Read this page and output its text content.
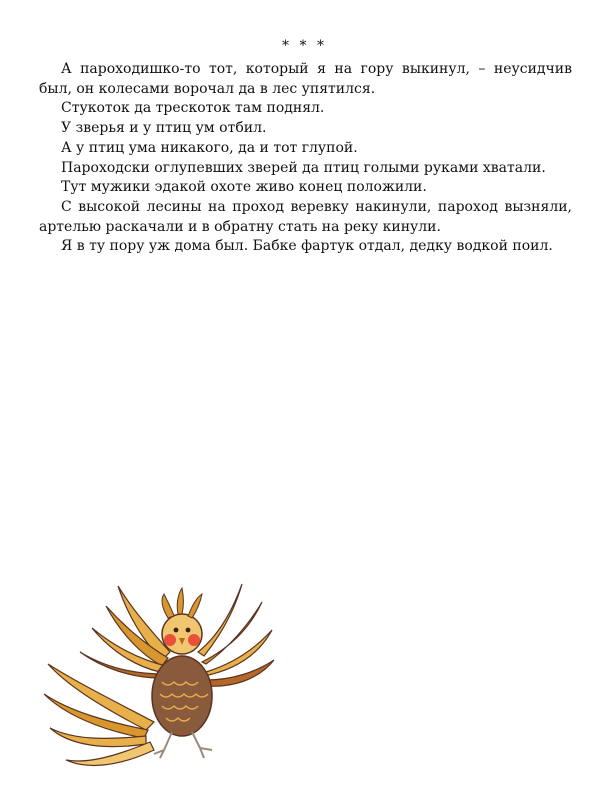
* * *

А пароходишко-то тот, который я на гору выкинул, – неусидчив был, он колесами ворочал да в лес упятился.

Стукоток да трескоток там поднял.

У зверья и у птиц ум отбил.

А у птиц ума никакого, да и тот глупой.

Пароходски оглупевших зверей да птиц голыми руками хватали.

Тут мужики эдакой охоте живо конец положили.

С высокой лесины на проход веревку накинули, пароход вызняли, артелью раскачали и в обратну стать на реку кинули.

Я в ту пору уж дома был. Бабке фартук отдал, дедку водкой поил.
